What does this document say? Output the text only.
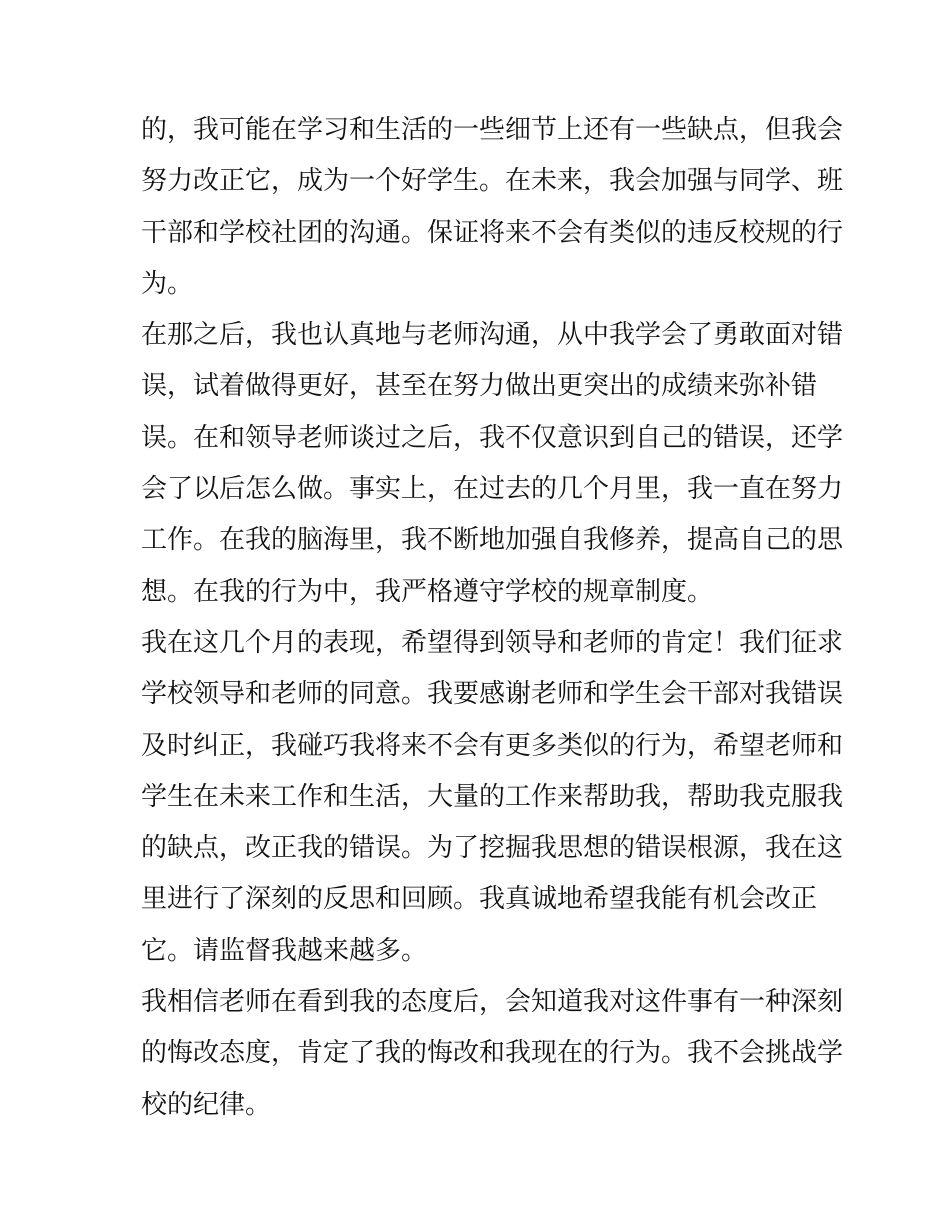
的，我可能在学习和生活的一些细节上还有一些缺点，但我会
努力改正它，成为一个好学生。在未来，我会加强与同学、班
干部和学校社团的沟通。保证将来不会有类似的违反校规的行
为。
在那之后，我也认真地与老师沟通，从中我学会了勇敢面对错
误，试着做得更好，甚至在努力做出更突出的成绩来弥补错
误。在和领导老师谈过之后，我不仅意识到自己的错误，还学
会了以后怎么做。事实上，在过去的几个月里，我一直在努力
工作。在我的脑海里，我不断地加强自我修养，提高自己的思
想。在我的行为中，我严格遵守学校的规章制度。
我在这几个月的表现，希望得到领导和老师的肯定！我们征求
学校领导和老师的同意。我要感谢老师和学生会干部对我错误
及时纠正，我碰巧我将来不会有更多类似的行为，希望老师和
学生在未来工作和生活，大量的工作来帮助我，帮助我克服我
的缺点，改正我的错误。为了挖掘我思想的错误根源，我在这
里进行了深刻的反思和回顾。我真诚地希望我能有机会改正
它。请监督我越来越多。
我相信老师在看到我的态度后，会知道我对这件事有一种深刻
的悔改态度，肯定了我的悔改和我现在的行为。我不会挑战学
校的纪律。
